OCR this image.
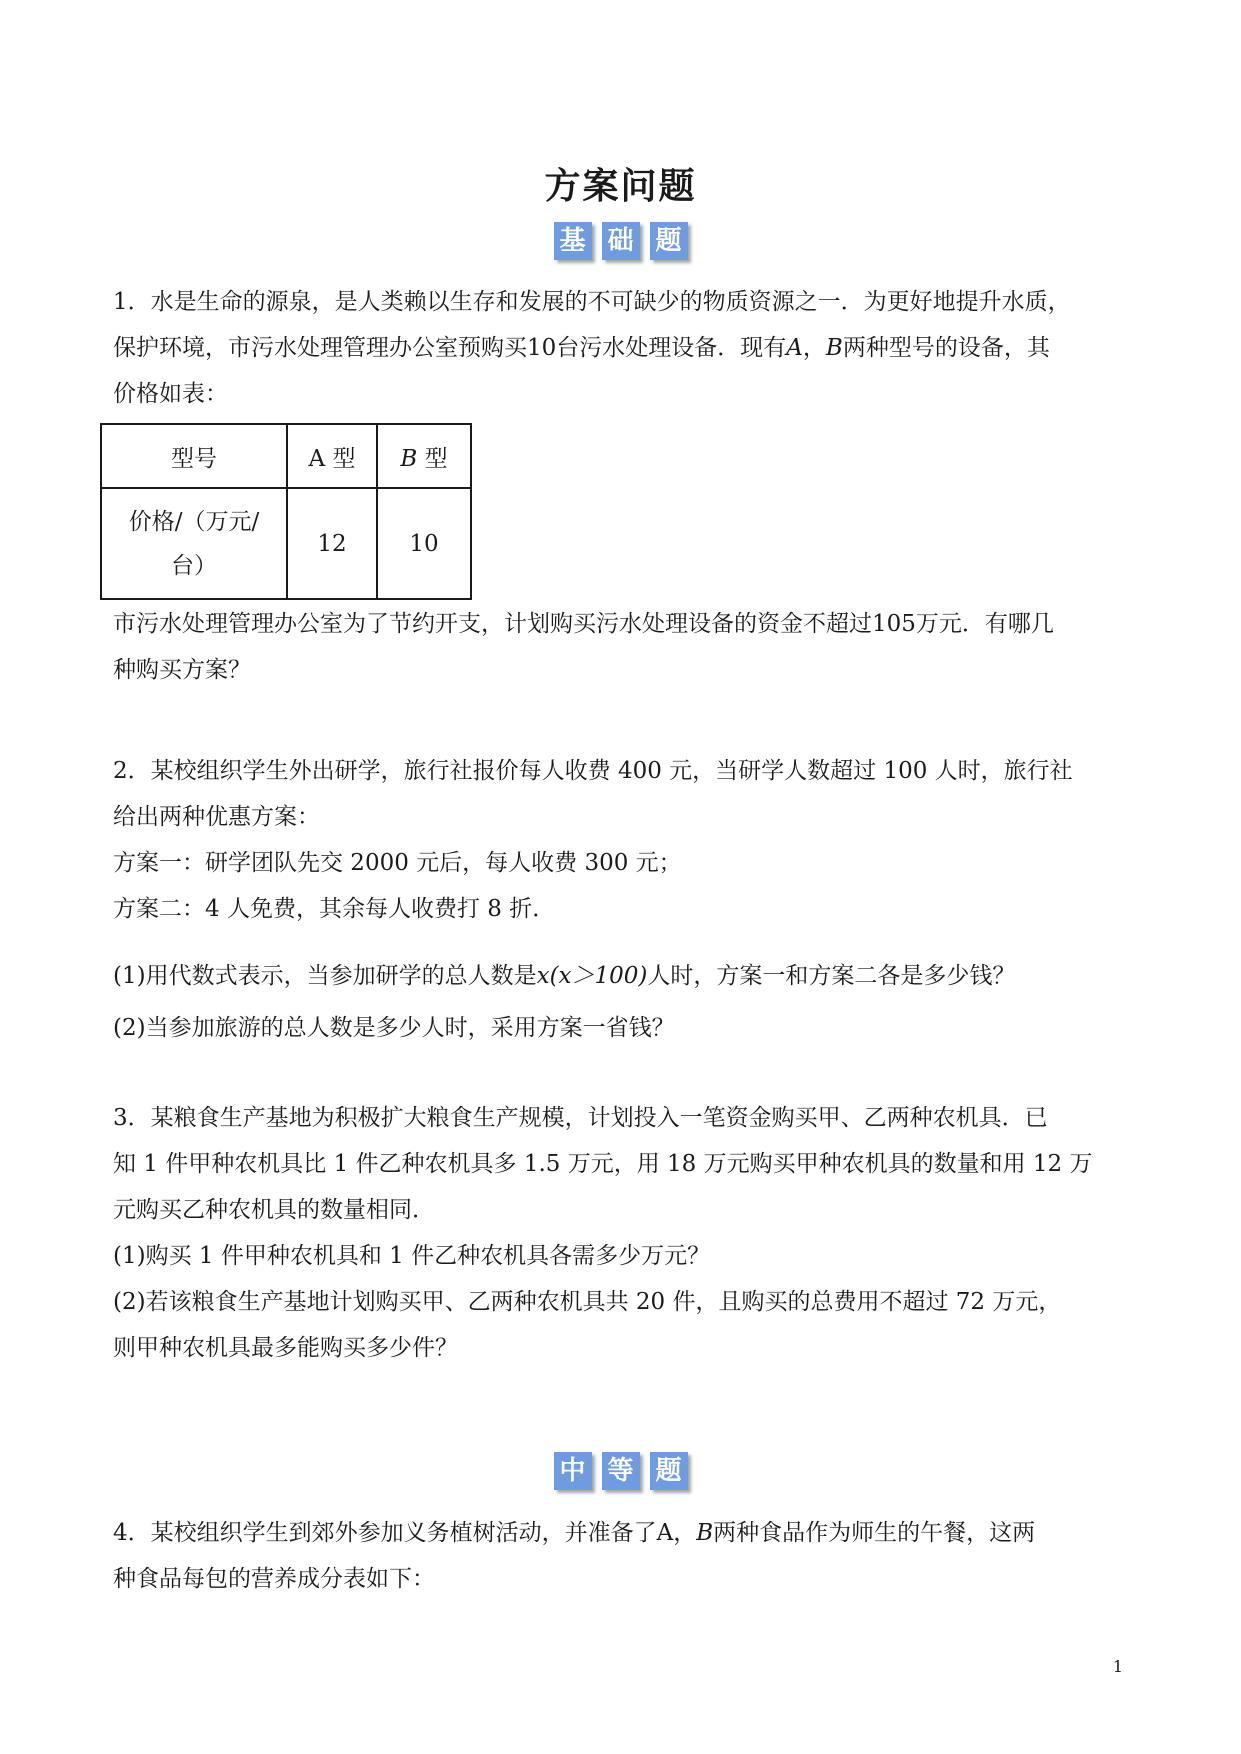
方案问题
基 础 题
1．水是生命的源泉，是人类赖以生存和发展的不可缺少的物质资源之一．为更好地提升水质，
保护环境，市污水处理管理办公室预购买10台污水处理设备．现有A，B两种型号的设备，其
价格如表：
型号	A 型	B 型
价格/（万元/
台）	12	10
市污水处理管理办公室为了节约开支，计划购买污水处理设备的资金不超过105万元．有哪几
种购买方案？
2．某校组织学生外出研学，旅行社报价每人收费 400 元，当研学人数超过 100 人时，旅行社
给出两种优惠方案：
方案一：研学团队先交 2000 元后，每人收费 300 元；
方案二：4 人免费，其余每人收费打 8 折．
(1)用代数式表示，当参加研学的总人数是x(x＞100)人时，方案一和方案二各是多少钱？
(2)当参加旅游的总人数是多少人时，采用方案一省钱？
3．某粮食生产基地为积极扩大粮食生产规模，计划投入一笔资金购买甲、乙两种农机具．已
知 1 件甲种农机具比 1 件乙种农机具多 1.5 万元，用 18 万元购买甲种农机具的数量和用 12 万
元购买乙种农机具的数量相同．
(1)购买 1 件甲种农机具和 1 件乙种农机具各需多少万元？
(2)若该粮食生产基地计划购买甲、乙两种农机具共 20 件，且购买的总费用不超过 72 万元，
则甲种农机具最多能购买多少件？
中 等 题
4．某校组织学生到郊外参加义务植树活动，并准备了A，B两种食品作为师生的午餐，这两
种食品每包的营养成分表如下：
1
